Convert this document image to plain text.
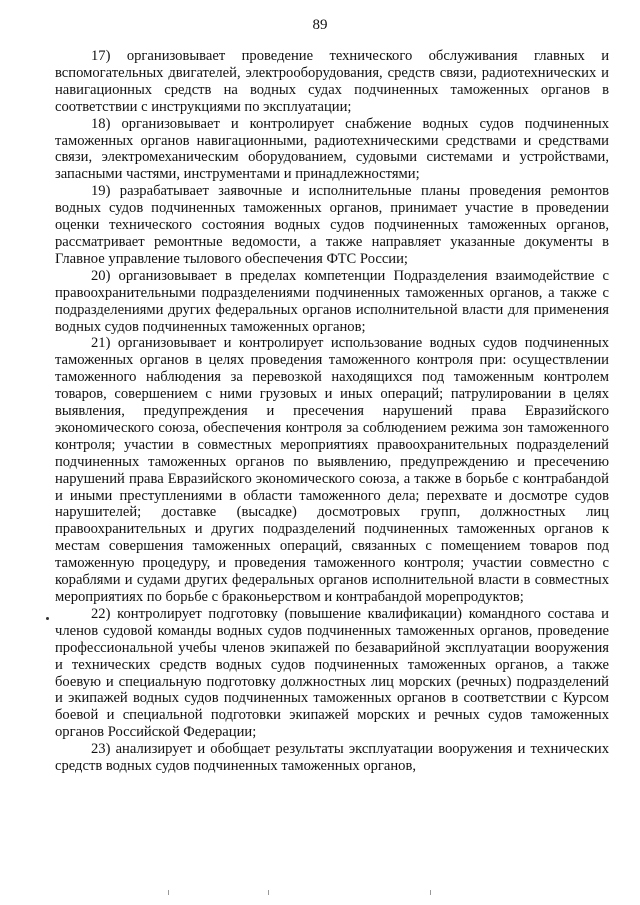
89

17) организовывает проведение технического обслуживания главных и вспомогательных двигателей, электрооборудования, средств связи, радиотехнических и навигационных средств на водных судах подчиненных таможенных органов в соответствии с инструкциями по эксплуатации;

18) организовывает и контролирует снабжение водных судов подчиненных таможенных органов навигационными, радиотехническими средствами и средствами связи, электромеханическим оборудованием, судовыми системами и устройствами, запасными частями, инструментами и принадлежностями;

19) разрабатывает заявочные и исполнительные планы проведения ремонтов водных судов подчиненных таможенных органов, принимает участие в проведении оценки технического состояния водных судов подчиненных таможенных органов, рассматривает ремонтные ведомости, а также направляет указанные документы в Главное управление тылового обеспечения ФТС России;

20) организовывает в пределах компетенции Подразделения взаимодействие с правоохранительными подразделениями подчиненных таможенных органов, а также с подразделениями других федеральных органов исполнительной власти для применения водных судов подчиненных таможенных органов;

21) организовывает и контролирует использование водных судов подчиненных таможенных органов в целях проведения таможенного контроля при: осуществлении таможенного наблюдения за перевозкой находящихся под таможенным контролем товаров, совершением с ними грузовых и иных операций; патрулировании в целях выявления, предупреждения и пресечения нарушений права Евразийского экономического союза, обеспечения контроля за соблюдением режима зон таможенного контроля; участии в совместных мероприятиях правоохранительных подразделений подчиненных таможенных органов по выявлению, предупреждению и пресечению нарушений права Евразийского экономического союза, а также в борьбе с контрабандой и иными преступлениями в области таможенного дела; перехвате и досмотре судов нарушителей; доставке (высадке) досмотровых групп, должностных лиц правоохранительных и других подразделений подчиненных таможенных органов к местам совершения таможенных операций, связанных с помещением товаров под таможенную процедуру, и проведения таможенного контроля; участии совместно с кораблями и судами других федеральных органов исполнительной власти в совместных мероприятиях по борьбе с браконьерством и контрабандой морепродуктов;

22) контролирует подготовку (повышение квалификации) командного состава и членов судовой команды водных судов подчиненных таможенных органов, проведение профессиональной учебы членов экипажей по безаварийной эксплуатации вооружения и технических средств водных судов подчиненных таможенных органов, а также боевую и специальную подготовку должностных лиц морских (речных) подразделений и экипажей водных судов подчиненных таможенных органов в соответствии с Курсом боевой и специальной подготовки экипажей морских и речных судов таможенных органов Российской Федерации;

23) анализирует и обобщает результаты эксплуатации вооружения и технических средств водных судов подчиненных таможенных органов,
